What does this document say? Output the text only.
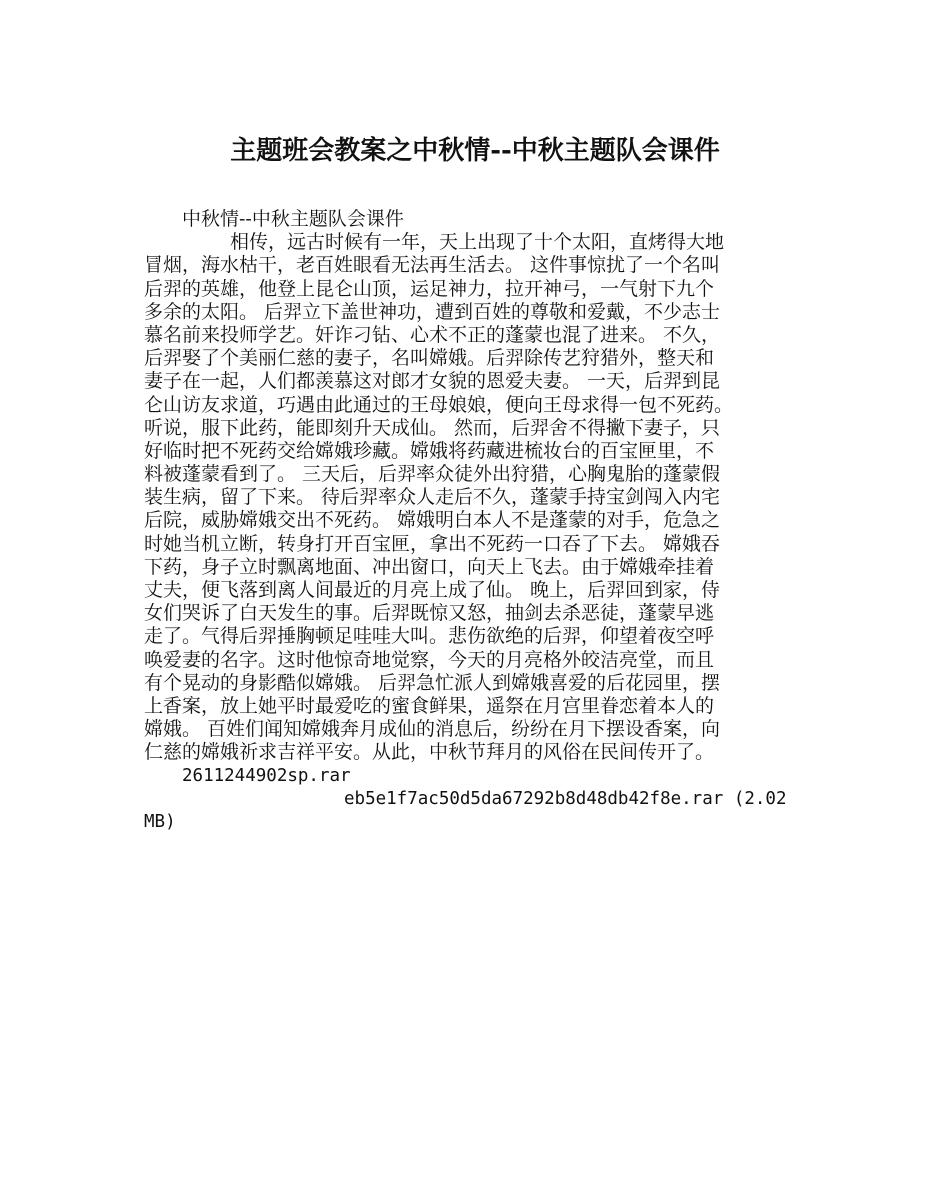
主题班会教案之中秋情--中秋主题队会课件
中秋情--中秋主题队会课件
相传，远古时候有一年，天上出现了十个太阳，直烤得大地
冒烟，海水枯干，老百姓眼看无法再生活去。 这件事惊扰了一个名叫
后羿的英雄，他登上昆仑山顶，运足神力，拉开神弓，一气射下九个
多余的太阳。 后羿立下盖世神功，遭到百姓的尊敬和爱戴，不少志士
慕名前来投师学艺。奸诈刁钻、心术不正的蓬蒙也混了进来。 不久，
后羿娶了个美丽仁慈的妻子，名叫嫦娥。后羿除传艺狩猎外，整天和
妻子在一起，人们都羡慕这对郎才女貌的恩爱夫妻。 一天，后羿到昆
仑山访友求道，巧遇由此通过的王母娘娘，便向王母求得一包不死药。
听说，服下此药，能即刻升天成仙。 然而，后羿舍不得撇下妻子，只
好临时把不死药交给嫦娥珍藏。嫦娥将药藏进梳妆台的百宝匣里，不
料被蓬蒙看到了。 三天后，后羿率众徒外出狩猎，心胸鬼胎的蓬蒙假
装生病，留了下来。 待后羿率众人走后不久，蓬蒙手持宝剑闯入内宅
后院，威胁嫦娥交出不死药。 嫦娥明白本人不是蓬蒙的对手，危急之
时她当机立断，转身打开百宝匣，拿出不死药一口吞了下去。 嫦娥吞
下药，身子立时飘离地面、冲出窗口，向天上飞去。由于嫦娥牵挂着
丈夫，便飞落到离人间最近的月亮上成了仙。 晚上，后羿回到家，侍
女们哭诉了白天发生的事。后羿既惊又怒，抽剑去杀恶徒，蓬蒙早逃
走了。气得后羿捶胸顿足哇哇大叫。悲伤欲绝的后羿，仰望着夜空呼
唤爱妻的名字。这时他惊奇地觉察，今天的月亮格外皎洁亮堂，而且
有个晃动的身影酷似嫦娥。 后羿急忙派人到嫦娥喜爱的后花园里，摆
上香案，放上她平时最爱吃的蜜食鲜果，遥祭在月宫里眷恋着本人的
嫦娥。 百姓们闻知嫦娥奔月成仙的消息后，纷纷在月下摆设香案，向
仁慈的嫦娥祈求吉祥平安。从此，中秋节拜月的风俗在民间传开了。
2611244902sp.rar
eb5e1f7ac50d5da67292b8d48db42f8e.rar (2.02
MB)
